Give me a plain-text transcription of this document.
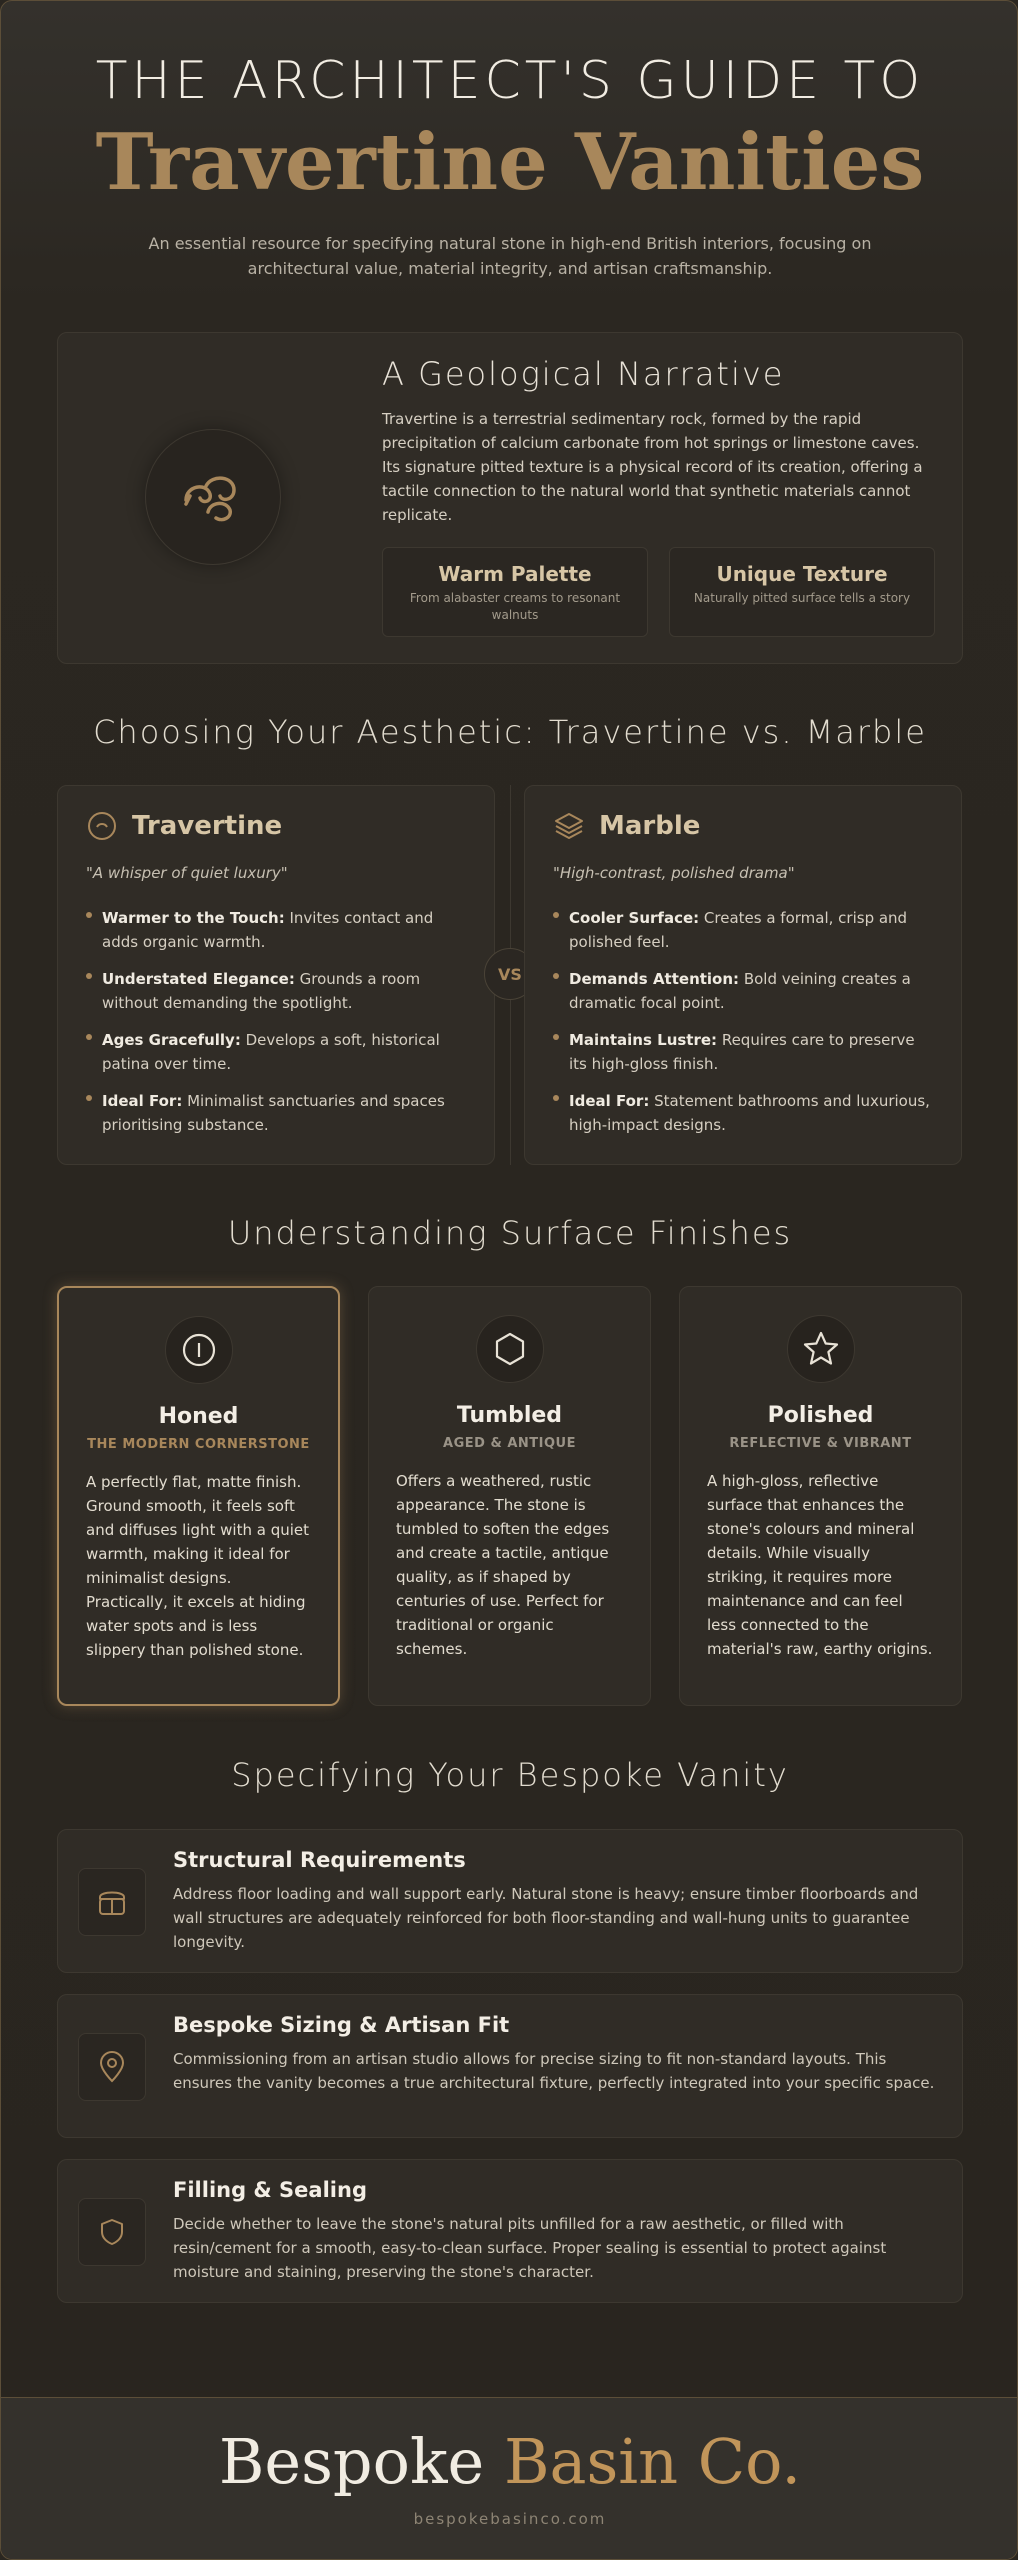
THE ARCHITECT'S GUIDE TO
Travertine Vanities
An essential resource for specifying natural stone in high-end British interiors, focusing on architectural value, material integrity, and artisan craftsmanship.
A Geological Narrative

Travertine is a terrestrial sedimentary rock, formed by the rapid precipitation of calcium carbonate from hot springs or limestone caves. Its signature pitted texture is a physical record of its creation, offering a tactile connection to the natural world that synthetic materials cannot replicate.

Warm Palette
From alabaster creams to resonant walnuts
Unique Texture
Naturally pitted surface tells a story
Choosing Your Aesthetic: Travertine vs. Marble
Travertine
"A whisper of quiet luxury"
Warmer to the Touch: Invites contact and adds organic warmth.
Understated Elegance: Grounds a room without demanding the spotlight.
Ages Gracefully: Develops a soft, historical patina over time.
Ideal For: Minimalist sanctuaries and spaces prioritising substance.
VS
Marble
"High-contrast, polished drama"
Cooler Surface: Creates a formal, crisp and polished feel.
Demands Attention: Bold veining creates a dramatic focal point.
Maintains Lustre: Requires care to preserve its high-gloss finish.
Ideal For: Statement bathrooms and luxurious, high-impact designs.
Understanding Surface Finishes
Honed
THE MODERN CORNERSTONE

A perfectly flat, matte finish. Ground smooth, it feels soft and diffuses light with a quiet warmth, making it ideal for minimalist designs. Practically, it excels at hiding water spots and is less slippery than polished stone.

Tumbled
AGED & ANTIQUE

Offers a weathered, rustic appearance. The stone is tumbled to soften the edges and create a tactile, antique quality, as if shaped by centuries of use. Perfect for traditional or organic schemes.

Polished
REFLECTIVE & VIBRANT

A high-gloss, reflective surface that enhances the stone's colours and mineral details. While visually striking, it requires more maintenance and can feel less connected to the material's raw, earthy origins.

Specifying Your Bespoke Vanity
Structural Requirements

Address floor loading and wall support early. Natural stone is heavy; ensure timber floorboards and wall structures are adequately reinforced for both floor-standing and wall-hung units to guarantee longevity.

Bespoke Sizing & Artisan Fit

Commissioning from an artisan studio allows for precise sizing to fit non-standard layouts. This ensures the vanity becomes a true architectural fixture, perfectly integrated into your specific space.

Filling & Sealing

Decide whether to leave the stone's natural pits unfilled for a raw aesthetic, or filled with resin/cement for a smooth, easy-to-clean surface. Proper sealing is essential to protect against moisture and staining, preserving the stone's character.

Bespoke Basin Co.
bespokebasinco.com
